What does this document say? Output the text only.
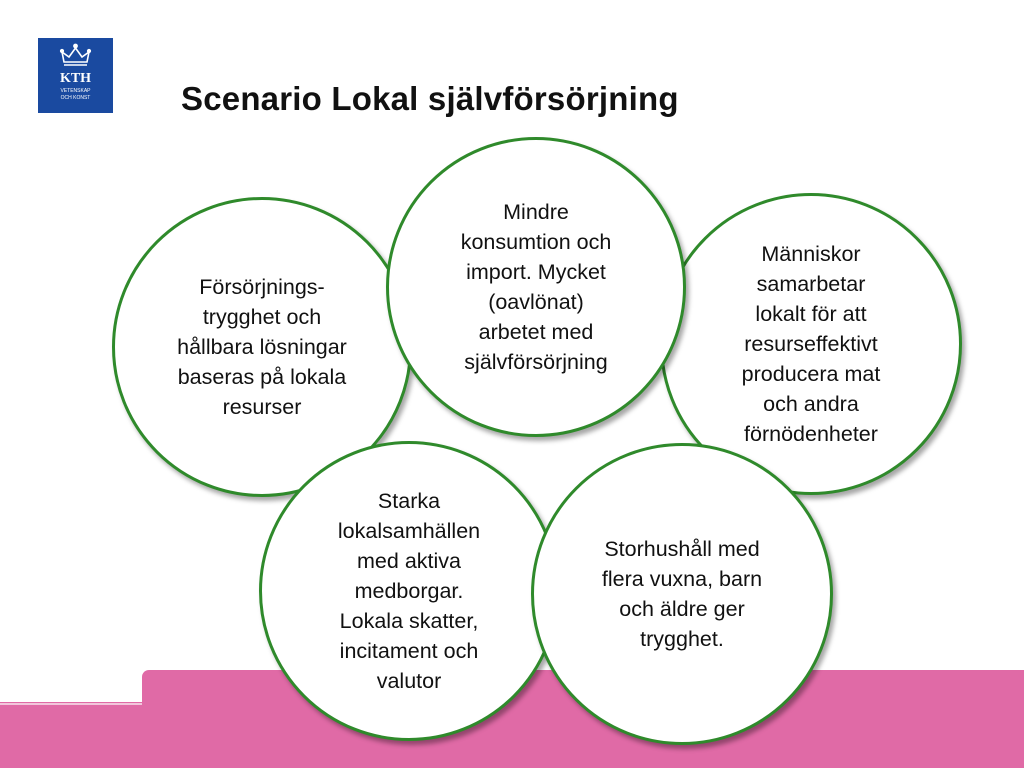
KTH
VETENSKAP
OCH KONST	Scenario Lokal självförsörjning
Försörjnings-
trygghet och
hållbara lösningar
baseras på lokala
resurser
Mindre
konsumtion och
import. Mycket
(oavlönat)
arbetet med
självförsörjning
Människor
samarbetar
lokalt för att
resurseffektivt
producera mat
och andra
förnödenheter
Starka
lokalsamhällen
med aktiva
medborgar.
Lokala skatter,
incitament och
valutor
Storhushåll med
flera vuxna, barn
och äldre ger
trygghet.
